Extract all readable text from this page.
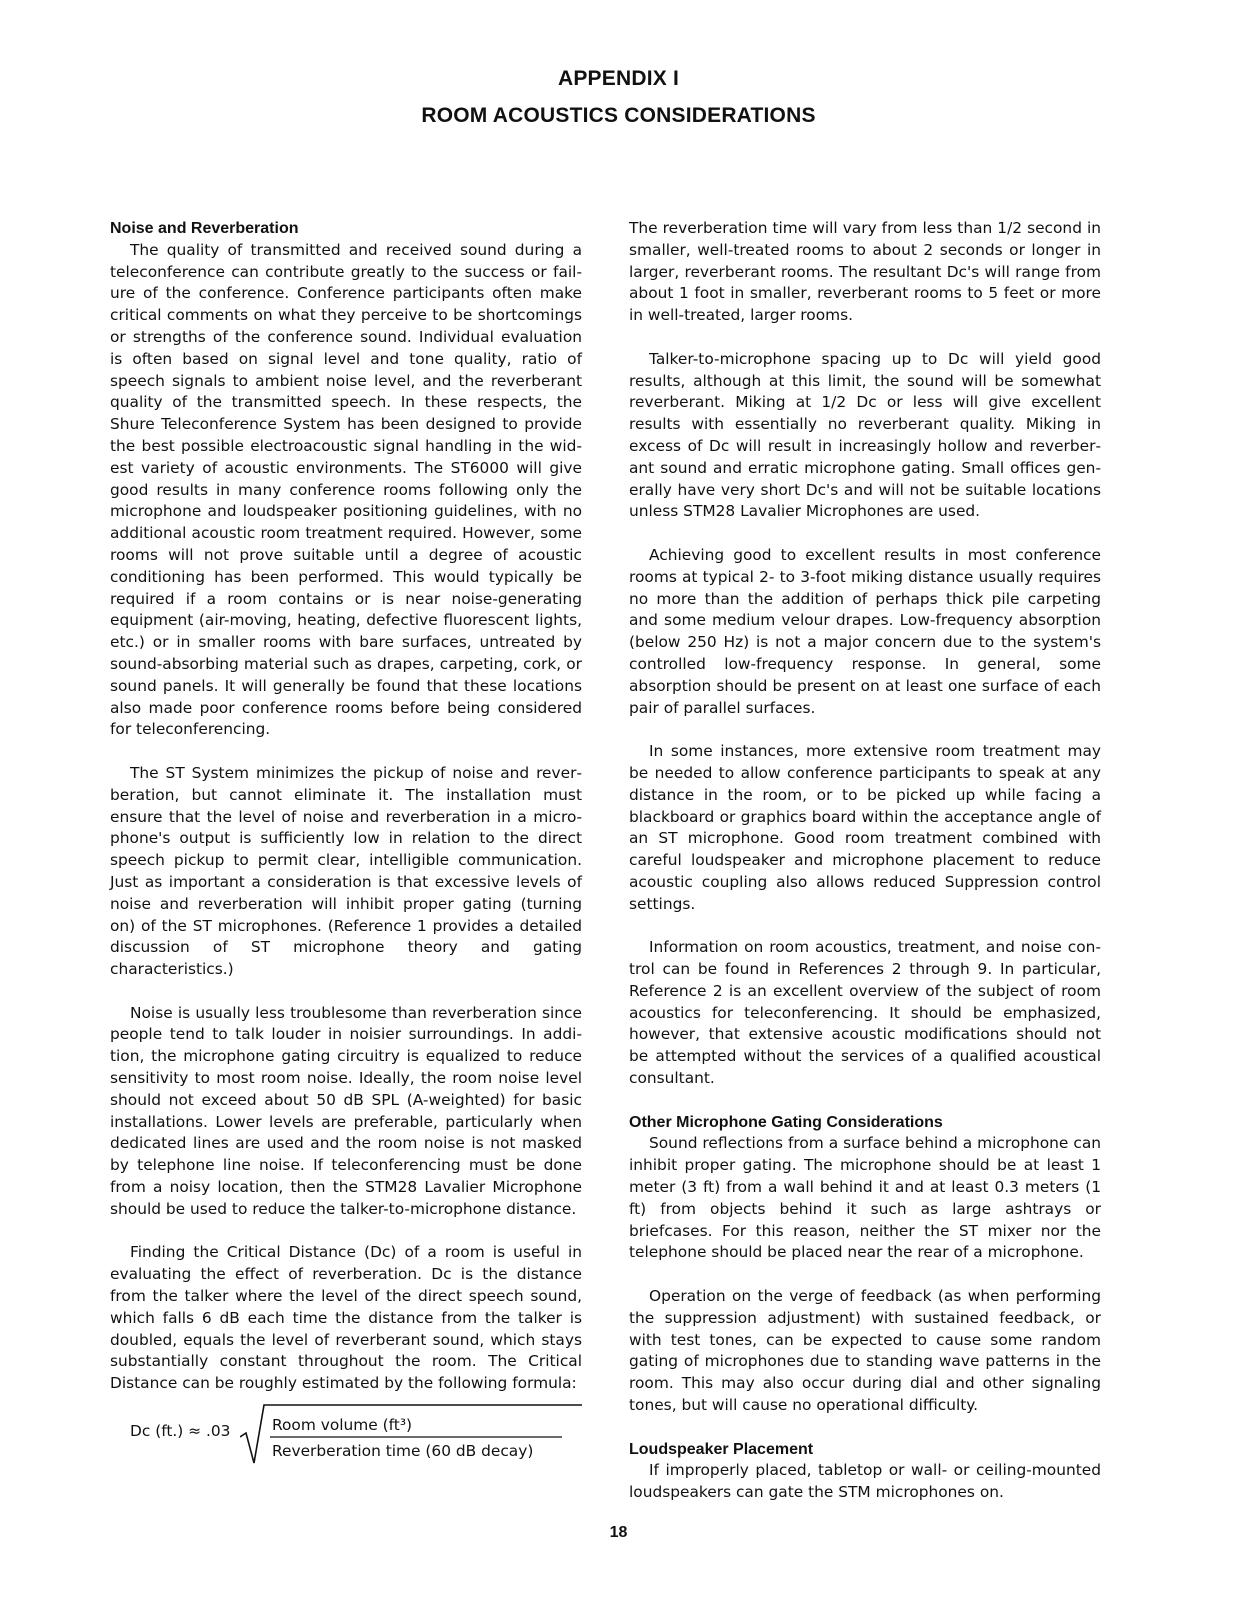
APPENDIX I
ROOM ACOUSTICS CONSIDERATIONS
Noise and Reverberation

The quality of transmitted and received sound during a teleconference can contribute greatly to the success or failure of the conference. Conference participants often make critical comments on what they perceive to be shortcomings or strengths of the conference sound. Individual evaluation is often based on signal level and tone quality, ratio of speech signals to ambient noise level, and the reverberant quality of the transmitted speech. In these respects, the Shure Teleconference System has been designed to provide the best possible electroacoustic signal handling in the widest variety of acoustic environments. The ST6000 will give good results in many conference rooms following only the microphone and loudspeaker positioning guidelines, with no additional acoustic room treatment required. However, some rooms will not prove suitable until a degree of acoustic conditioning has been performed. This would typically be required if a room contains or is near noise-generating equipment (air-moving, heating, defective fluorescent lights, etc.) or in smaller rooms with bare surfaces, untreated by sound-absorbing material such as drapes, carpeting, cork, or sound panels. It will generally be found that these locations also made poor conference rooms before being considered for teleconferencing.

The ST System minimizes the pickup of noise and reverberation, but cannot eliminate it. The installation must ensure that the level of noise and reverberation in a microphone's output is sufficiently low in relation to the direct speech pickup to permit clear, intelligible communication. Just as important a consideration is that excessive levels of noise and reverberation will inhibit proper gating (turning on) of the ST microphones. (Reference 1 provides a detailed discussion of ST microphone theory and gating characteristics.)

Noise is usually less troublesome than reverberation since people tend to talk louder in noisier surroundings. In addition, the microphone gating circuitry is equalized to reduce sensitivity to most room noise. Ideally, the room noise level should not exceed about 50 dB SPL (A-weighted) for basic installations. Lower levels are preferable, particularly when dedicated lines are used and the room noise is not masked by telephone line noise. If teleconferencing must be done from a noisy location, then the STM28 Lavalier Microphone should be used to reduce the talker-to-microphone distance.

Finding the Critical Distance (Dc) of a room is useful in evaluating the effect of reverberation. Dc is the distance from the talker where the level of the direct speech sound, which falls 6 dB each time the distance from the talker is doubled, equals the level of reverberant sound, which stays substantially constant throughout the room. The Critical Distance can be roughly estimated by the following formula:

Dc (ft.) ≈ .03	Room volume (ft³)
Reverberation time (60 dB decay)

The reverberation time will vary from less than 1/2 second in smaller, well-treated rooms to about 2 seconds or longer in larger, reverberant rooms. The resultant Dc's will range from about 1 foot in smaller, reverberant rooms to 5 feet or more in well-treated, larger rooms.

Talker-to-microphone spacing up to Dc will yield good results, although at this limit, the sound will be somewhat reverberant. Miking at 1/2 Dc or less will give excellent results with essentially no reverberant quality. Miking in excess of Dc will result in increasingly hollow and reverberant sound and erratic microphone gating. Small offices generally have very short Dc's and will not be suitable locations unless STM28 Lavalier Microphones are used.

Achieving good to excellent results in most conference rooms at typical 2- to 3-foot miking distance usually requires no more than the addition of perhaps thick pile carpeting and some medium velour drapes. Low-frequency absorption (below 250 Hz) is not a major concern due to the system's controlled low-frequency response. In general, some absorption should be present on at least one surface of each pair of parallel surfaces.

In some instances, more extensive room treatment may be needed to allow conference participants to speak at any distance in the room, or to be picked up while facing a blackboard or graphics board within the acceptance angle of an ST microphone. Good room treatment combined with careful loudspeaker and microphone placement to reduce acoustic coupling also allows reduced Suppression control settings.

Information on room acoustics, treatment, and noise control can be found in References 2 through 9. In particular, Reference 2 is an excellent overview of the subject of room acoustics for teleconferencing. It should be emphasized, however, that extensive acoustic modifications should not be attempted without the services of a qualified acoustical consultant.

Other Microphone Gating Considerations

Sound reflections from a surface behind a microphone can inhibit proper gating. The microphone should be at least 1 meter (3 ft) from a wall behind it and at least 0.3 meters (1 ft) from objects behind it such as large ashtrays or briefcases. For this reason, neither the ST mixer nor the telephone should be placed near the rear of a microphone.

Operation on the verge of feedback (as when performing the suppression adjustment) with sustained feedback, or with test tones, can be expected to cause some random gating of microphones due to standing wave patterns in the room. This may also occur during dial and other signaling tones, but will cause no operational difficulty.

Loudspeaker Placement

If improperly placed, tabletop or wall- or ceiling-mounted loudspeakers can gate the STM microphones on.

18
